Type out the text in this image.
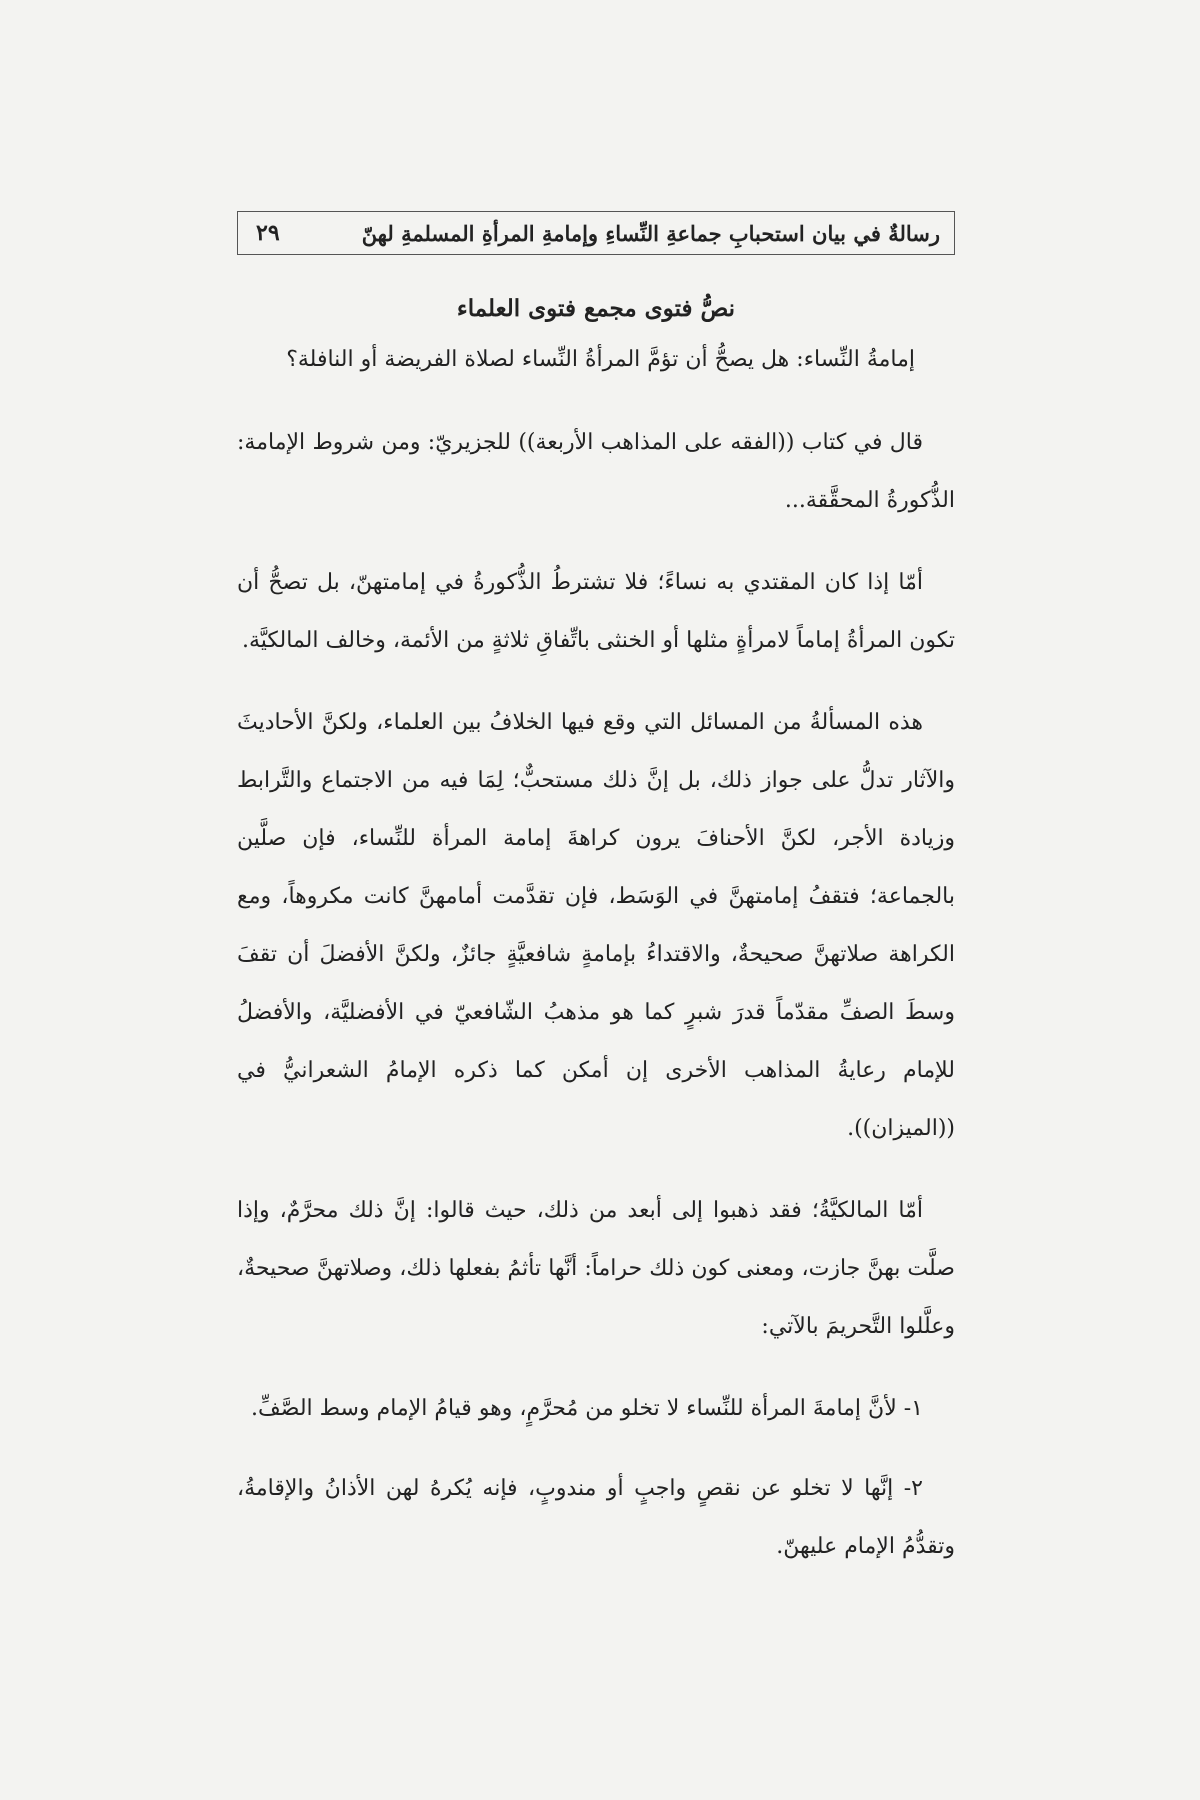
رسالةٌ في بيان استحبابِ جماعةِ النِّساءِ وإمامةِ المرأةِ المسلمةِ لهنّ
٢٩
نصُّ فتوى مجمع فتوى العلماء

إمامةُ النِّساء: هل يصحُّ أن تؤمَّ المرأةُ النِّساء لصلاة الفريضة أو النافلة؟

قال في كتاب ((الفقه على المذاهب الأربعة)) للجزيريّ: ومن شروط الإمامة: الذُّكورةُ المحقَّقة...

أمّا إذا كان المقتدي به نساءً؛ فلا تشترطُ الذُّكورةُ في إمامتهنّ، بل تصحُّ أن تكون المرأةُ إماماً لامرأةٍ مثلها أو الخنثى باتِّفاقِ ثلاثةٍ من الأئمة، وخالف المالكيَّة.

هذه المسألةُ من المسائل التي وقع فيها الخلافُ بين العلماء، ولكنَّ الأحاديثَ والآثار تدلُّ على جواز ذلك، بل إنَّ ذلك مستحبٌّ؛ لِمَا فيه من الاجتماع والتَّرابط وزيادة الأجر، لكنَّ الأحنافَ يرون كراهةَ إمامة المرأة للنِّساء، فإن صلَّين بالجماعة؛ فتقفُ إمامتهنَّ في الوَسَط، فإن تقدَّمت أمامهنَّ كانت مكروهاً، ومع الكراهة صلاتهنَّ صحيحةٌ، والاقتداءُ بإمامةٍ شافعيَّةٍ جائزٌ، ولكنَّ الأفضلَ أن تقفَ وسطَ الصفِّ مقدّماً قدرَ شبرٍ كما هو مذهبُ الشّافعيّ في الأفضليَّة، والأفضلُ للإمام رعايةُ المذاهب الأخرى إن أمكن كما ذكره الإمامُ الشعرانيُّ في ((الميزان)).

أمّا المالكيَّةُ؛ فقد ذهبوا إلى أبعد من ذلك، حيث قالوا: إنَّ ذلك محرَّمٌ، وإذا صلَّت بهنَّ جازت، ومعنى كون ذلك حراماً: أنَّها تأثمُ بفعلها ذلك، وصلاتهنَّ صحيحةٌ، وعلَّلوا التَّحريمَ بالآتي:

١- لأنَّ إمامةَ المرأة للنِّساء لا تخلو من مُحرَّمٍ، وهو قيامُ الإمام وسط الصَّفِّ.

٢- إنَّها لا تخلو عن نقصٍ واجبٍ أو مندوبٍ، فإنه يُكرهُ لهن الأذانُ والإقامةُ، وتقدُّمُ الإمام عليهنّ.
